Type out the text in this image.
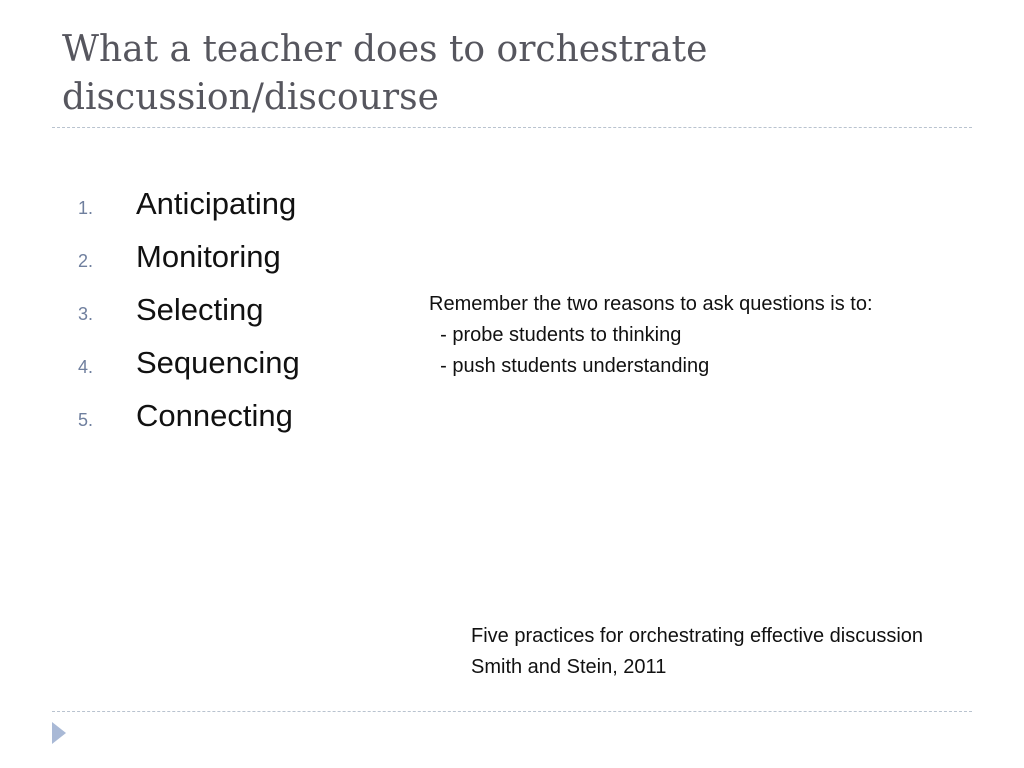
What a teacher does to orchestrate
discussion/discourse
1.	Anticipating
2.	Monitoring
3.	Selecting
4.	Sequencing
5.	Connecting
Remember the two reasons to ask questions is to:
- probe students to thinking
- push students understanding
Five practices for orchestrating effective discussion
Smith and Stein, 2011
